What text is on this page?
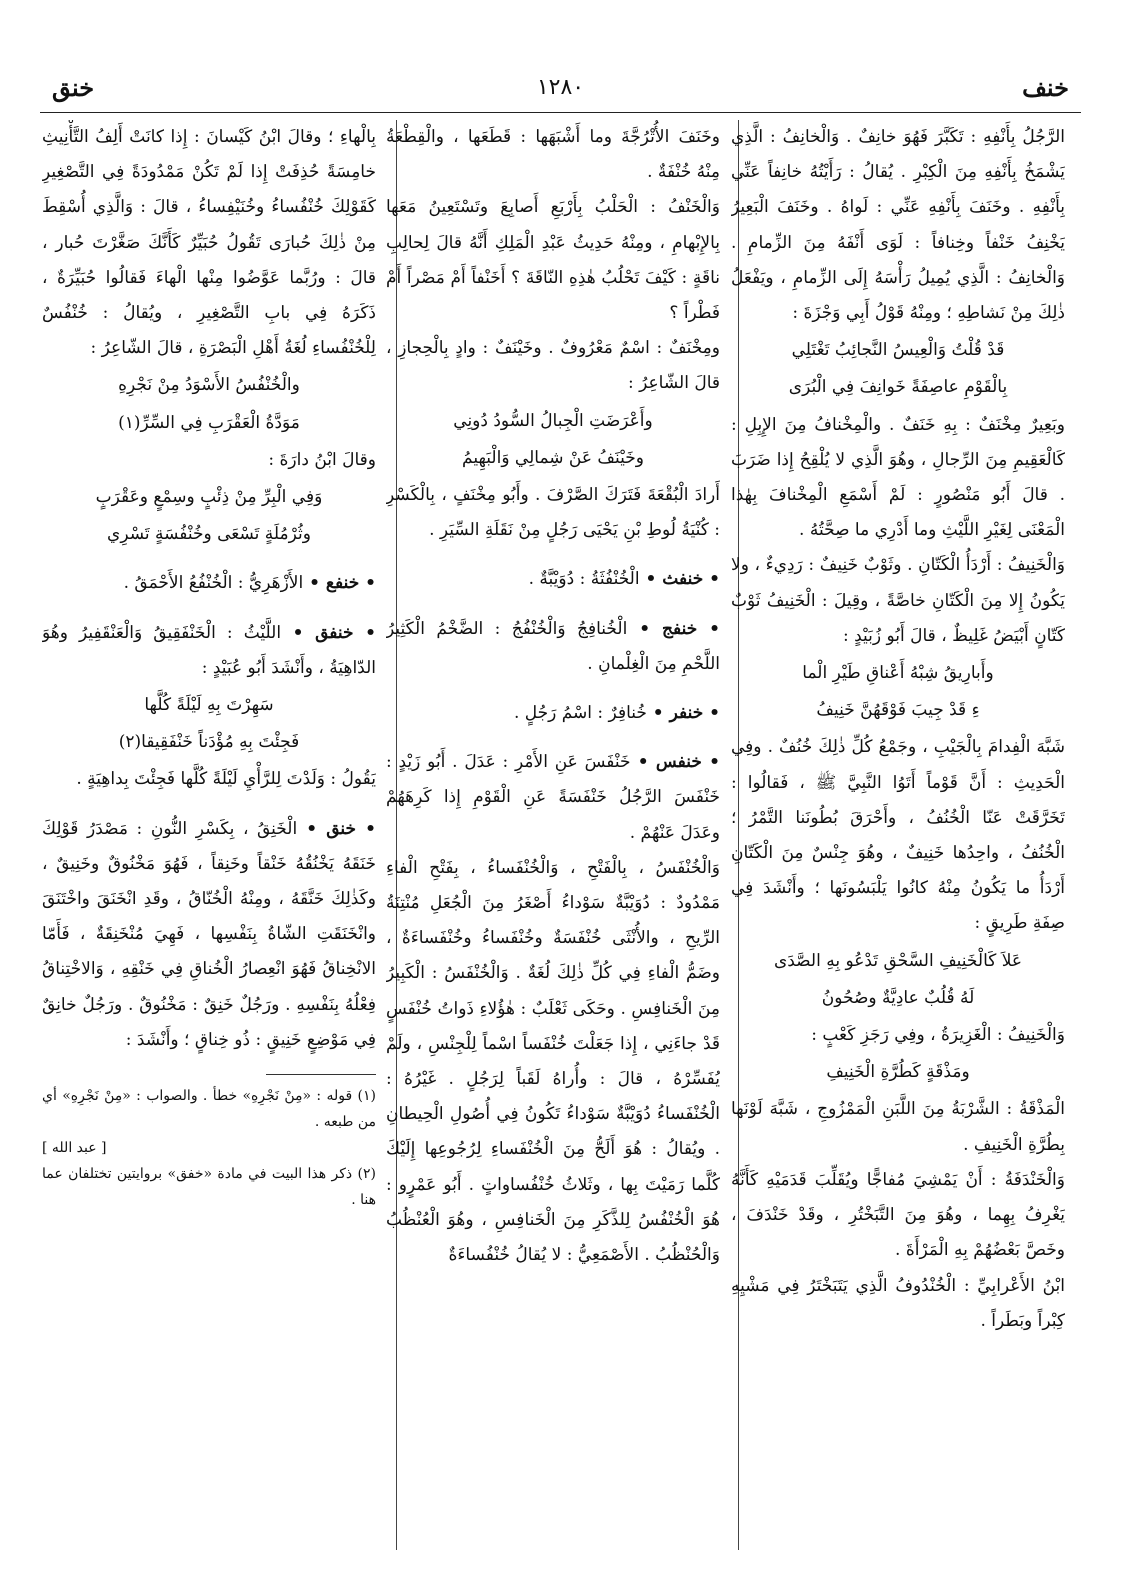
خنف
١٢٨٠
خنق

الرَّجُلُ بِأَنْفِهِ : تَكَبَّرَ فَهُوَ خانِفٌ . وَالْخانِفُ : الَّذِي يَشْمَخُ بِأَنْفِهِ مِنَ الْكِبْرِ . يُقالُ : رَأَيْتُهُ خانِفاً عَنِّي بِأَنْفِهِ . وخَنَفَ بِأَنْفِهِ عَنِّي : لَواهُ . وخَنَفَ الْبَعِيرُ يَخْنِفُ خَنْفاً وخِنافاً : لَوَى أَنْفَهُ مِنَ الزِّمامِ . وَالْخانِفُ : الَّذِي يُمِيلُ رَأْسَهُ إِلَى الزِّمامِ ، ويَفْعَلُ ذٰلِكَ مِنْ نَشاطِهِ ؛ ومِنْهُ قَوْلُ أَبِي وَجْزَةَ :

قَدْ قُلْتُ وَالْعِيسُ النَّجائِبُ تَغْتَلِي

بِالْقَوْمِ عاصِفَةً خَوانِفَ فِي الْبُرَى

وبَعِيرٌ مِخْنَفٌ : بِهِ خَنَفٌ . والْمِخْنافُ مِنَ الإِبِلِ : كَالْعَقِيمِ مِنَ الرِّجالِ ، وهُوَ الَّذِي لا يُلْقِحُ إِذا ضَرَبَ . قالَ أَبُو مَنْصُورٍ : لَمْ أَسْمَعِ الْمِخْنافَ بِهٰذا الْمَعْنَى لِغَيْرِ اللَّيْثِ وما أَدْرِي ما صِحَّتُهُ .

وَالْخَنِيفُ : أَرْدَأُ الْكَتّانِ . وثَوْبٌ خَنِيفٌ : رَدِيءٌ ، ولا يَكُونُ إِلا مِنَ الْكَتّانِ خاصَّةً ، وقِيلَ : الْخَنِيفُ ثَوْبٌ كَتّانٍ أَبْيَضُ غَلِيظٌ ، قالَ أَبُو زُبَيْدٍ :

وأَبارِيقُ شِبْهُ أَعْناقِ طَيْرِ الْما

ءِ قَدْ جِيبَ فَوْقَهُنَّ خَنِيفُ

شَبَّهَ الْفِدامَ بِالْجَيْبِ ، وجَمْعُ كُلِّ ذٰلِكَ خُنُفٌ . وفِي الْحَدِيثِ : أَنَّ قَوْماً أَتَوُا النَّبِيَّ ﷺ ، فَقالُوا : تَخَرَّقَتْ عَنّا الْخُنُفُ ، وأَحْرَقَ بُطُونَنا التَّمْرُ ؛ الْخُنُفُ ، واحِدُها خَنِيفٌ ، وهُوَ جِنْسٌ مِنَ الْكَتّانِ أَرْدَأُ ما يَكُونُ مِنْهُ كانُوا يَلْبَسُونَها ؛ وأَنْشَدَ فِي صِفَةِ طَرِيقٍ :

عَلاَ كَالْخَنِيفِ السَّحْقِ تَدْعُو بِهِ الصَّدَى

لَهُ قُلُبٌ عادِيَّةٌ وصُحُونُ

وَالْخَنِيفُ : الْغَزِيرَةُ ، وفِي رَجَزِ كَعْبٍ :

ومَذْقَةٍ كَطُرَّةِ الْخَنِيفِ

الْمَذْقَةُ : الشَّرْبَةُ مِنَ اللَّبَنِ الْمَمْزُوجِ ، شَبَّهَ لَوْنَها بِطُرَّةِ الْخَنِيفِ .

وَالْخَنْدَفَةُ : أَنْ يَمْشِيَ مُفاجًّا ويُقَلِّبَ قَدَمَيْهِ كَأَنَّهُ يَغْرِفُ بِهِما ، وهُوَ مِنَ التَّبَخْتُرِ ، وقَدْ خَنْدَفَ ، وخَصَّ بَعْضُهُمْ بِهِ الْمَرْأَةَ .

ابْنُ الأَعْرابِيِّ : الْخُنْدُوفُ الَّذِي يَتَبَخْتَرُ فِي مَشْيِهِ كِبْراً وبَطَراً .

وخَنَفَ الأُتْرُجَّةَ وما أَشْبَهَها : قَطَعَها ، والْقِطْعَةُ مِنْهُ خُنْفَةٌ .

وَالْخَنْفُ : الْحَلْبُ بِأَرْبَعِ أَصابِعَ وتَسْتَعِينُ مَعَها بِالإِبْهامِ ، ومِنْهُ حَدِيثُ عَبْدِ الْمَلِكِ أَنَّهُ قالَ لِحالِبِ ناقَةٍ : كَيْفَ تَحْلُبُ هٰذِهِ النّاقَةَ ؟ أَخَنْفاً أَمْ مَصْراً أَمْ فَطْراً ؟

ومِخْنَفٌ : اسْمٌ مَعْرُوفٌ . وخَيْنَفٌ : وادٍ بِالْحِجازِ ، قالَ الشّاعِرُ :

وأَعْرَضَتِ الْجِبالُ السُّودُ دُونِي

وخَيْنَفُ عَنْ شِمالِي وَالْبَهِيمُ

أَرادَ الْبُقْعَةَ فَتَرَكَ الصَّرْفَ . وأَبُو مِخْنَفٍ ، بِالْكَسْرِ : كُنْيَةُ لُوطِ بْنِ يَحْيَى رَجُلٍ مِنْ نَقَلَةِ السِّيَرِ .

• خنفث • الْخُنْفُثَةُ : دُوَيْبَّةٌ .

• خنفج • الْخُنافِجُ وَالْخُنْفُجُ : الضَّخْمُ الْكَثِيرُ اللَّحْمِ مِنَ الْغِلْمانِ .

• خنفر • خُنافِرٌ : اسْمُ رَجُلٍ .

• خنفس • خَنْفَسَ عَنِ الأَمْرِ : عَدَلَ . أَبُو زَيْدٍ : خَنْفَسَ الرَّجُلُ خَنْفَسَةً عَنِ الْقَوْمِ إِذا كَرِهَهُمْ وعَدَلَ عَنْهُمْ .

وَالْخُنْفَسُ ، بِالْفَتْحِ ، وَالْخُنْفَساءُ ، بِفَتْحِ الْفاءِ مَمْدُودٌ : دُوَيْبَّةٌ سَوْداءُ أَصْغَرُ مِنَ الْجُعَلِ مُنْتِنَةُ الرِّيحِ ، والأُنْثَى خُنْفَسَةٌ وخُنْفَساءُ وخُنْفَساءَةٌ ، وضَمُّ الْفاءِ فِي كُلِّ ذٰلِكَ لُغَةٌ . وَالْخُنْفَسُ : الْكَبِيرُ مِنَ الْخَنافِسِ . وحَكَى ثَعْلَبٌ : هٰؤُلاءِ ذَواتُ خُنْفَسٍ قَدْ جاءَنِي ، إِذا جَعَلْتَ خُنْفَساً اسْماً لِلْجِنْسِ ، ولَمْ يُفَسِّرْهُ ، قالَ : وأُراهُ لَقَباً لِرَجُلٍ . غَيْرُهُ : الْخُنْفَساءُ دُوَيْبَّةٌ سَوْداءُ تَكُونُ فِي أُصُولِ الْحِيطانِ . ويُقالُ : هُوَ أَلَحُّ مِنَ الْخُنْفَساءِ لِرُجُوعِها إِلَيْكَ كُلَّما رَمَيْتَ بِها ، وثَلاثُ خُنْفُساواتٍ . أَبُو عَمْرٍو : هُوَ الْخُنْفُسُ لِلذَّكَرِ مِنَ الْخَنافِسِ ، وهُوَ الْعُنْظُبُ وَالْحُنْظُبُ . الأَصْمَعِيُّ : لا يُقالُ خُنْفُساءَةٌ

بِالْهاءِ ؛ وقالَ ابْنُ كَيْسانَ : إِذا كانَتْ أَلِفُ التَّأْنِيثِ خامِسَةً حُذِفَتْ إِذا لَمْ تَكُنْ مَمْدُودَةً فِي التَّصْغِيرِ كَقَوْلِكَ خُنْفُساءُ وخُنَيْفِساءُ ، قالَ : وَالَّذِي أُسْقِطَ مِنْ ذٰلِكَ حُبارَى تَقُولُ حُبَيِّرٌ كَأَنَّكَ صَغَّرْتَ حُبار ، قالَ : ورُبَّما عَوَّضُوا مِنْها الْهاءَ فَقالُوا حُبَيِّرَةٌ ، ذَكَرَهُ فِي بابِ التَّصْغِيرِ ، ويُقالُ : خُنْفُسٌ لِلْخُنْفُساءِ لُغَةُ أَهْلِ الْبَصْرَةِ ، قالَ الشّاعِرُ :

والْخُنْفُسُ الأَسْوَدُ مِنْ نَجْرِهِ

مَوَدَّةُ الْعَقْرَبِ فِي السِّرِّ(١)

وقالَ ابْنُ دارَةَ :

وَفِي الْبِرِّ مِنْ ذِئْبٍ وسِمْعٍ وعَقْرَبٍ

وثُرْمُلَةٍ تَسْعَى وخُنْفُسَةٍ تَسْرِي

• خنفع • الأَزْهَرِيُّ : الْخُنْفُعُ الأَحْمَقُ .

• خنفق • اللَّيْثُ : الْخَنْفَقِيقُ وَالْعَنْقَفِيرُ وهُوَ الدّاهِيَةُ ، وأَنْشَدَ أَبُو عُبَيْدٍ :

سَهِرْتَ بِهِ لَيْلَةً كُلَّها

فَجِئْتَ بِهِ مُؤْدَناً خَنْفَقِيقا(٢)

يَقُولُ : وَلَدْتَ لِلرَّأْيِ لَيْلَةً كُلَّها فَجِئْتَ بِداهِيَةٍ .

• خنق • الْخَنِقُ ، بِكَسْرِ النُّونِ : مَصْدَرُ قَوْلِكَ خَنَقَهُ يَخْنُقُهُ خَنْقاً وخَنِقاً ، فَهُوَ مَخْنُوقٌ وخَنِيقٌ ، وكَذٰلِكَ خَنَّقَهُ ، ومِنْهُ الْخُنّاقُ ، وقَدِ انْخَنَقَ واخْتَنَقَ وانْخَنَقَتِ الشّاةُ بِنَفْسِها ، فَهِيَ مُنْخَنِقَةٌ ، فَأَمّا الانْخِناقُ فَهُوَ انْعِصارُ الْخُناقِ فِي خَنْقِهِ ، وَالاخْتِناقُ فِعْلُهُ بِنَفْسِهِ . ورَجُلٌ خَنِقٌ : مَخْنُوقٌ . ورَجُلٌ خانِقٌ فِي مَوْضِعٍ خَنِيقٍ : ذُو خِناقٍ ؛ وأَنْشَدَ :

(١) قوله : «مِنْ نَجْرِهِ» خطأ . والصواب : «مِنْ نَجْرِهِ» أي من طبعه .

[ عبد الله ]

(٢) ذكر هذا البيت في مادة «خفق» بروايتين تختلفان عما هنا .
